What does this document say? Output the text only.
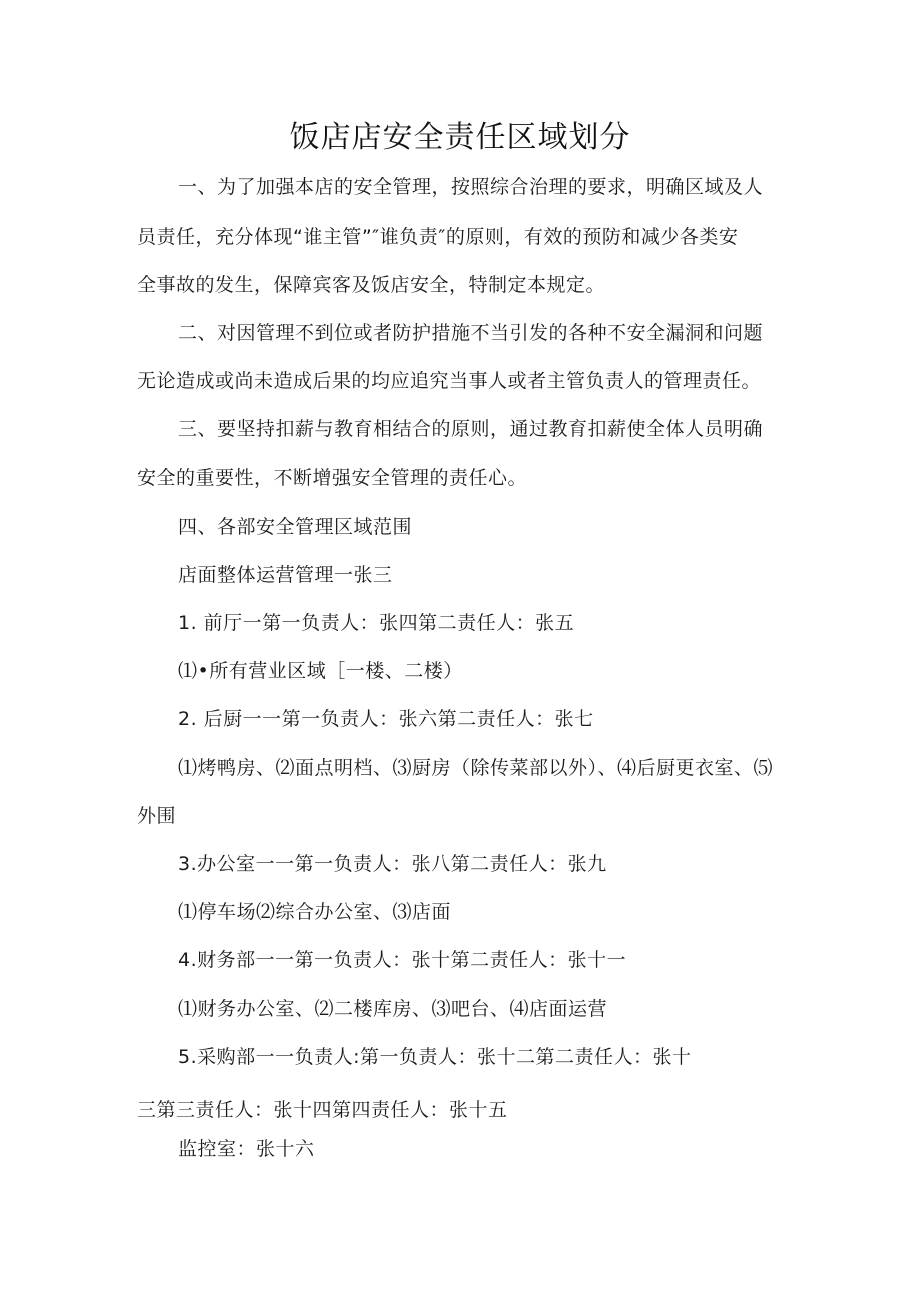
饭店店安全责任区域划分
一、为了加强本店的安全管理，按照综合治理的要求，明确区域及人
员责任，充分体现“谁主管”″谁负责″的原则，有效的预防和减少各类安
全事故的发生，保障宾客及饭店安全，特制定本规定。
二、对因管理不到位或者防护措施不当引发的各种不安全漏洞和问题
无论造成或尚未造成后果的均应追究当事人或者主管负责人的管理责任。
三、要坚持扣薪与教育相结合的原则，通过教育扣薪使全体人员明确
安全的重要性，不断增强安全管理的责任心。
四、各部安全管理区域范围
店面整体运营管理一张三
1. 前厅一第一负责人：张四第二责任人：张五
⑴•所有营业区域［一楼、二楼）
2. 后厨一一第一负责人：张六第二责任人：张七
⑴烤鸭房、⑵面点明档、⑶厨房（除传菜部以外）、⑷后厨更衣室、⑸
外围
3.办公室一一第一负责人：张八第二责任人：张九
⑴停车场⑵综合办公室、⑶店面
4.财务部一一第一负责人：张十第二责任人：张十一
⑴财务办公室、⑵二楼库房、⑶吧台、⑷店面运营
5.采购部一一负责人:第一负责人：张十二第二责任人：张十
三第三责任人：张十四第四责任人：张十五
监控室：张十六
